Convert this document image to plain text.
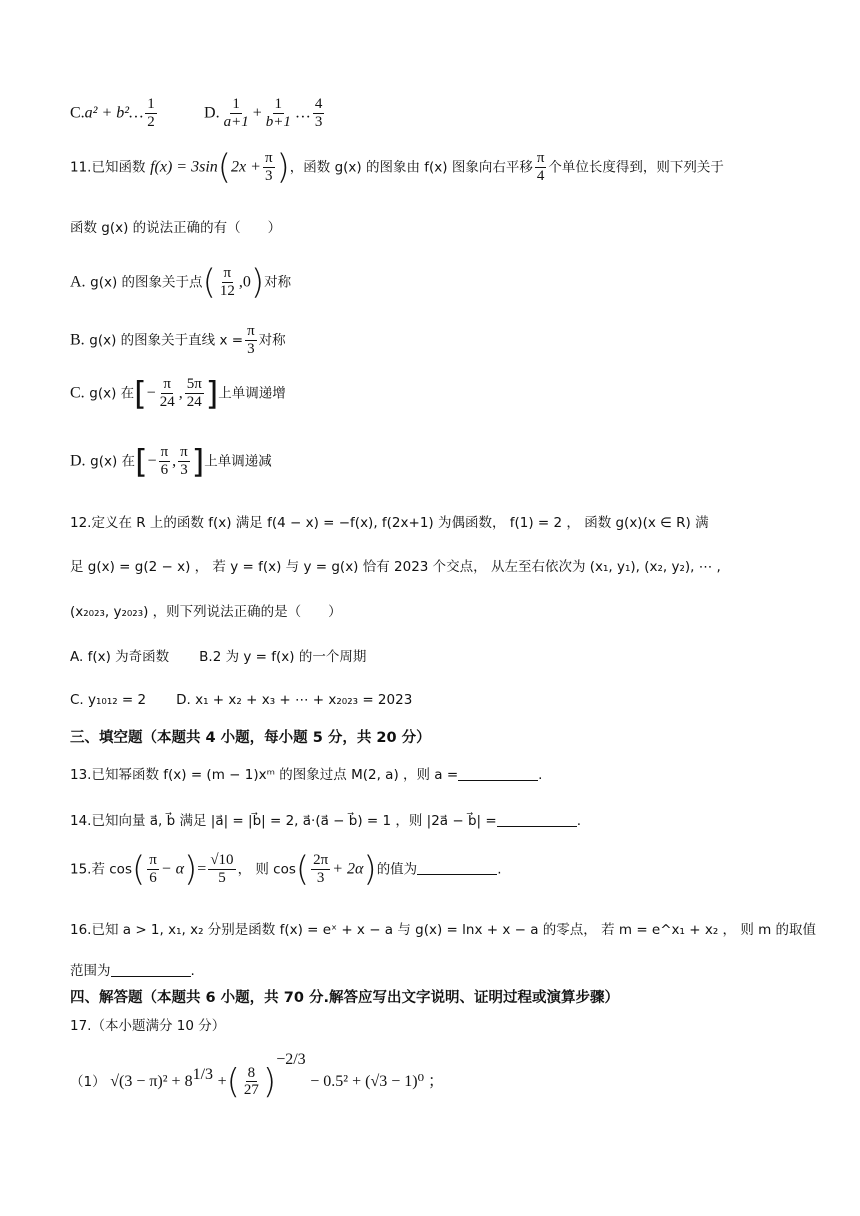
C.a² + b²… $\frac{1}{2}$	D. $\frac{1}{a+1} + \frac{1}{b+1}$ … $\frac{4}{3}$
11.已知函数 $f(x) = 3\sin(2x + \frac{\pi}{3}$ )，函数 g(x) 的图象由 f(x) 图象向右平移 $\frac{\pi}{4}$ 个单位长度得到，则下列关于
函数 g(x) 的说法正确的有（　　）
A. g(x) 的图象关于点( $\frac{\pi}{12} ,0$)对称
B. g(x) 的图象关于直线 $x = \frac{\pi}{3}$ 对称
C. g(x) 在[− $\frac{\pi}{24}$ , $\frac{5\pi}{24}$ ]上单调递增
D. g(x) 在[− $\frac{\pi}{6}$ , $\frac{\pi}{3}$ ]上单调递减
12.定义在 R 上的函数 f(x) 满足 f(4 − x) = −f(x), f(2x+1) 为偶函数， f(1) = 2 ， 函数 g(x)(x ∈ R) 满
足 g(x) = g(2 − x) ， 若 y = f(x) 与 y = g(x) 恰有 2023 个交点， 从左至右依次为 (x₁, y₁), (x₂, y₂), ⋯ ,
(x₂₀₂₃, y₂₀₂₃) ，则下列说法正确的是（　　）
A. f(x) 为奇函数 B.2 为 y = f(x) 的一个周期
C. y₁₀₁₂ = 2 D. x₁ + x₂ + x₃ + ⋯ + x₂₀₂₃ = 2023
三、填空题（本题共 4 小题，每小题 5 分，共 20 分）
13.已知幂函数 f(x) = (m − 1)xᵐ 的图象过点 M(2, a) ，则 a =	.
14.已知向量 a⃗, b⃗ 满足 |a⃗| = |b⃗| = 2, a⃗·(a⃗ − b⃗) = 1 ，则 |2a⃗ − b⃗| =	.
15.若 $\cos( \frac{\pi}{6} - \alpha)= \frac{√10}{5}$ ， 则 $\cos( \frac{2\pi}{3} + 2\alpha)$的值为	.
16.已知 a > 1, x₁, x₂ 分别是函数 f(x) = eˣ + x − a 与 g(x) = lnx + x − a 的零点， 若 m = e^x₁ + x₂ ， 则 m 的取值
范围为	.
四、解答题（本题共 6 小题，共 70 分.解答应写出文字说明、证明过程或演算步骤）
17.（本小题满分 10 分）
（1） $√(3 - \pi)^2 + 8^{1/3}$ +( $\frac{8}{27} )^{-2/3} - 0.5^2 + (√3 - 1)^0$ ；
